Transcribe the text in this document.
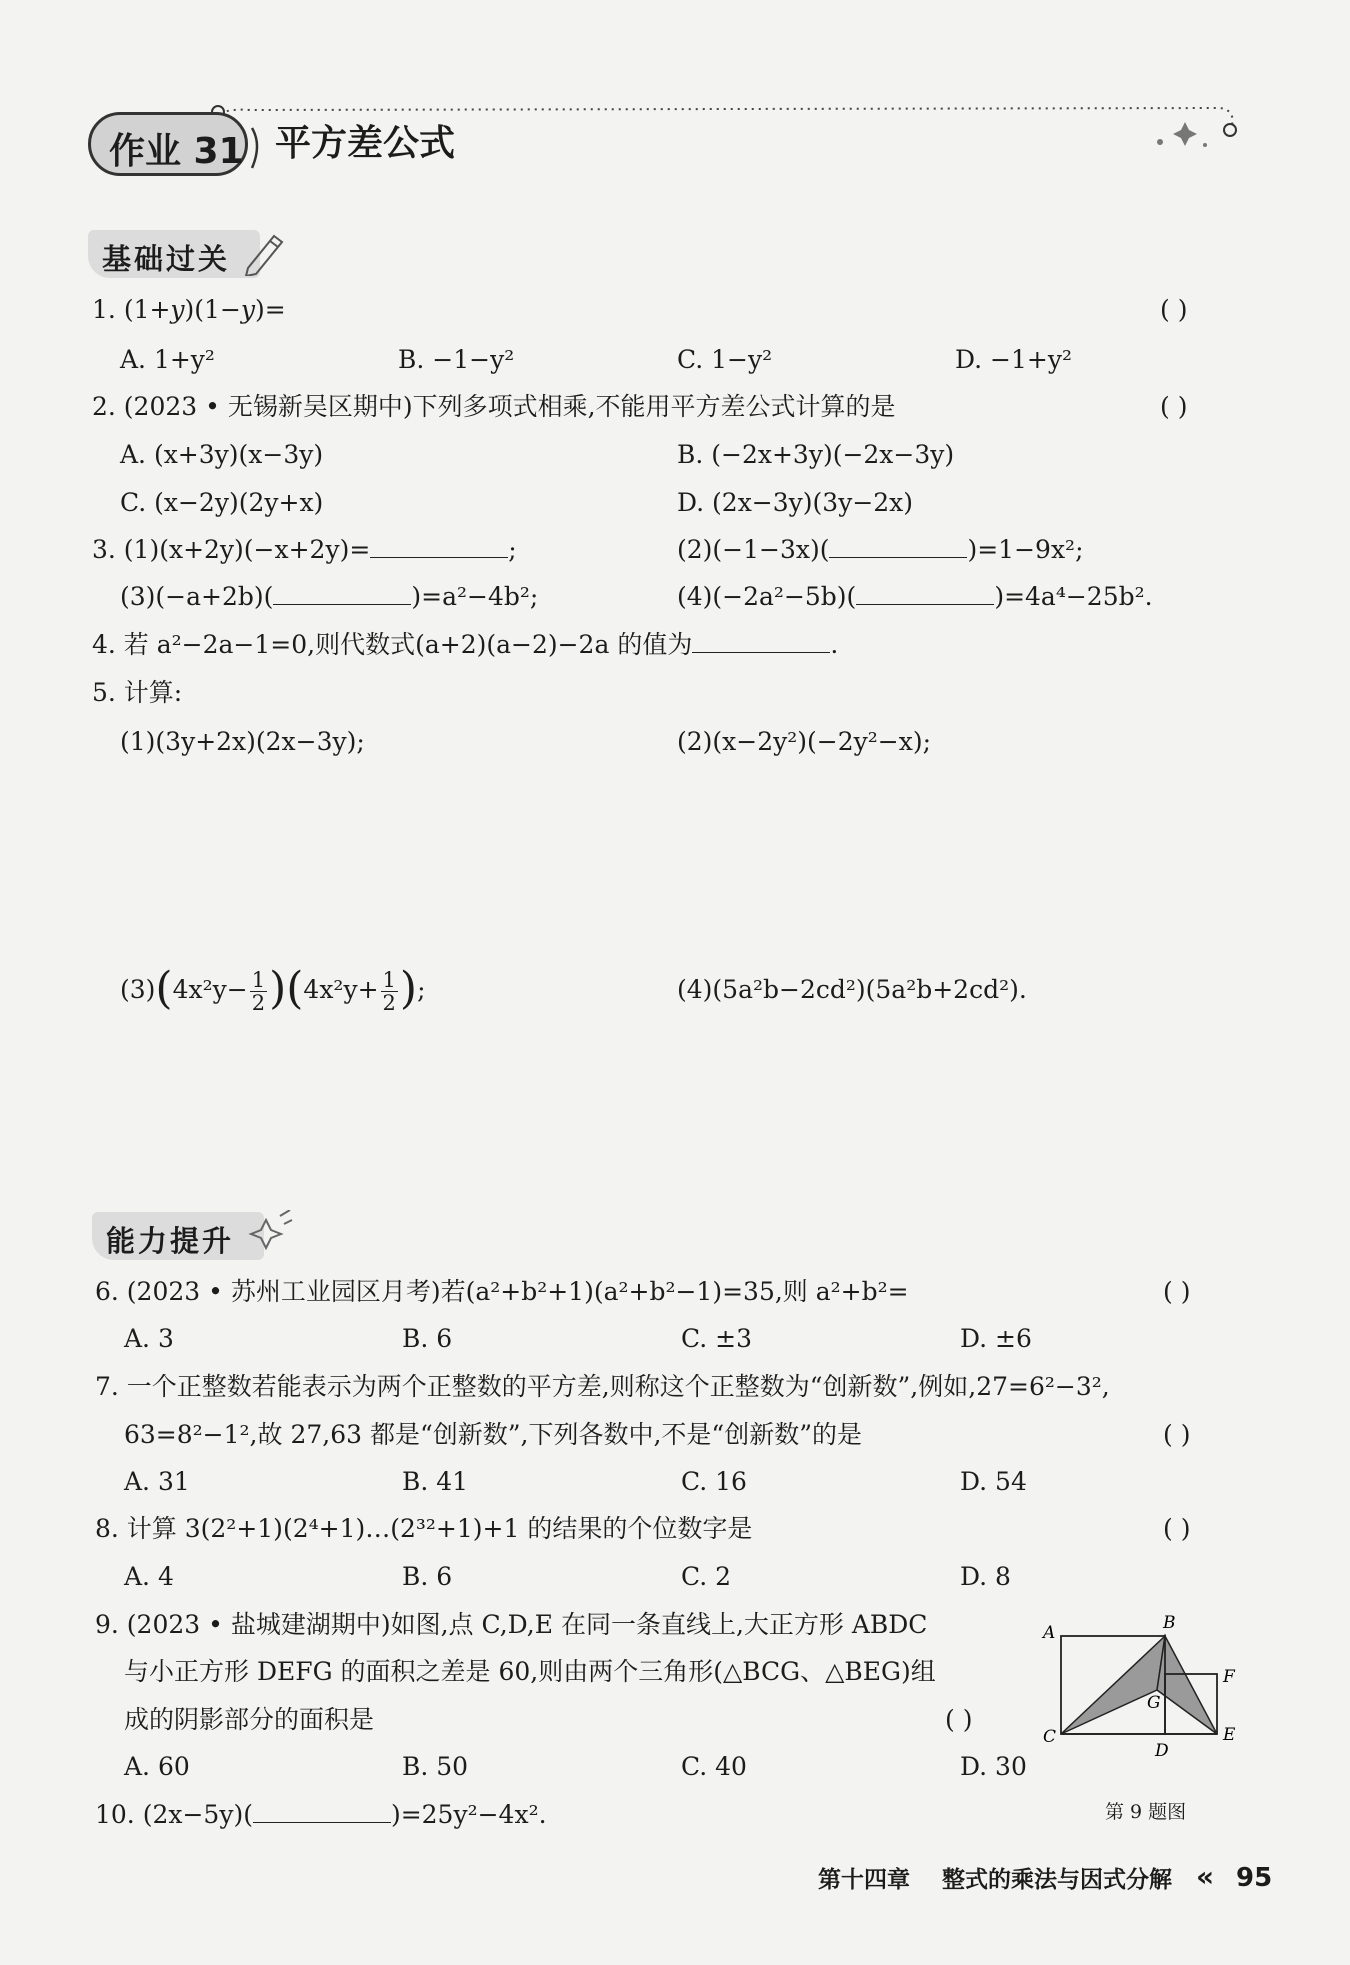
作业 31 平方差公式
基础过关
1. (1+y)(1−y)=	( )
A. 1+y²	B. −1−y²	C. 1−y²	D. −1+y²
2. (2023 • 无锡新吴区期中)下列多项式相乘,不能用平方差公式计算的是	( )
A. (x+3y)(x−3y)	B. (−2x+3y)(−2x−3y)
C. (x−2y)(2y+x)	D. (2x−3y)(3y−2x)
3. (1)(x+2y)(−x+2y)=	;	(2)(−1−3x)(	)=1−9x²;
(3)(−a+2b)(	)=a²−4b²;	(4)(−2a²−5b)(	)=4a⁴−25b².
4. 若 a²−2a−1=0,则代数式(a+2)(a−2)−2a 的值为	.
5. 计算:
(1)(3y+2x)(2x−3y);	(2)(x−2y²)(−2y²−x);
$(3)(4x^2y- \frac{1}{2} )(4x^2y+ \frac{1}{2}$ );	(4)(5a²b−2cd²)(5a²b+2cd²).
能力提升
6. (2023 • 苏州工业园区月考)若(a²+b²+1)(a²+b²−1)=35,则 a²+b²=	( )
A. 3	B. 6	C. ±3	D. ±6
7. 一个正整数若能表示为两个正整数的平方差,则称这个正整数为“创新数”,例如,27=6²−3²,
63=8²−1²,故 27,63 都是“创新数”,下列各数中,不是“创新数”的是	( )
A. 31	B. 41	C. 16	D. 54
8. 计算 3(2²+1)(2⁴+1)…(2³²+1)+1 的结果的个位数字是	( )
A. 4	B. 6	C. 2	D. 8
9. (2023 • 盐城建湖期中)如图,点 C,D,E 在同一条直线上,大正方形 ABDC
与小正方形 DEFG 的面积之差是 60,则由两个三角形(△BCG、△BEG)组
成的阴影部分的面积是	( )
A. 60	B. 50	C. 40	D. 30
A	B
C
D
E
F
G
第 9 题图
10. (2x−5y)(	)=25y²−4x².
第十四章 整式的乘法与因式分解 « 95
